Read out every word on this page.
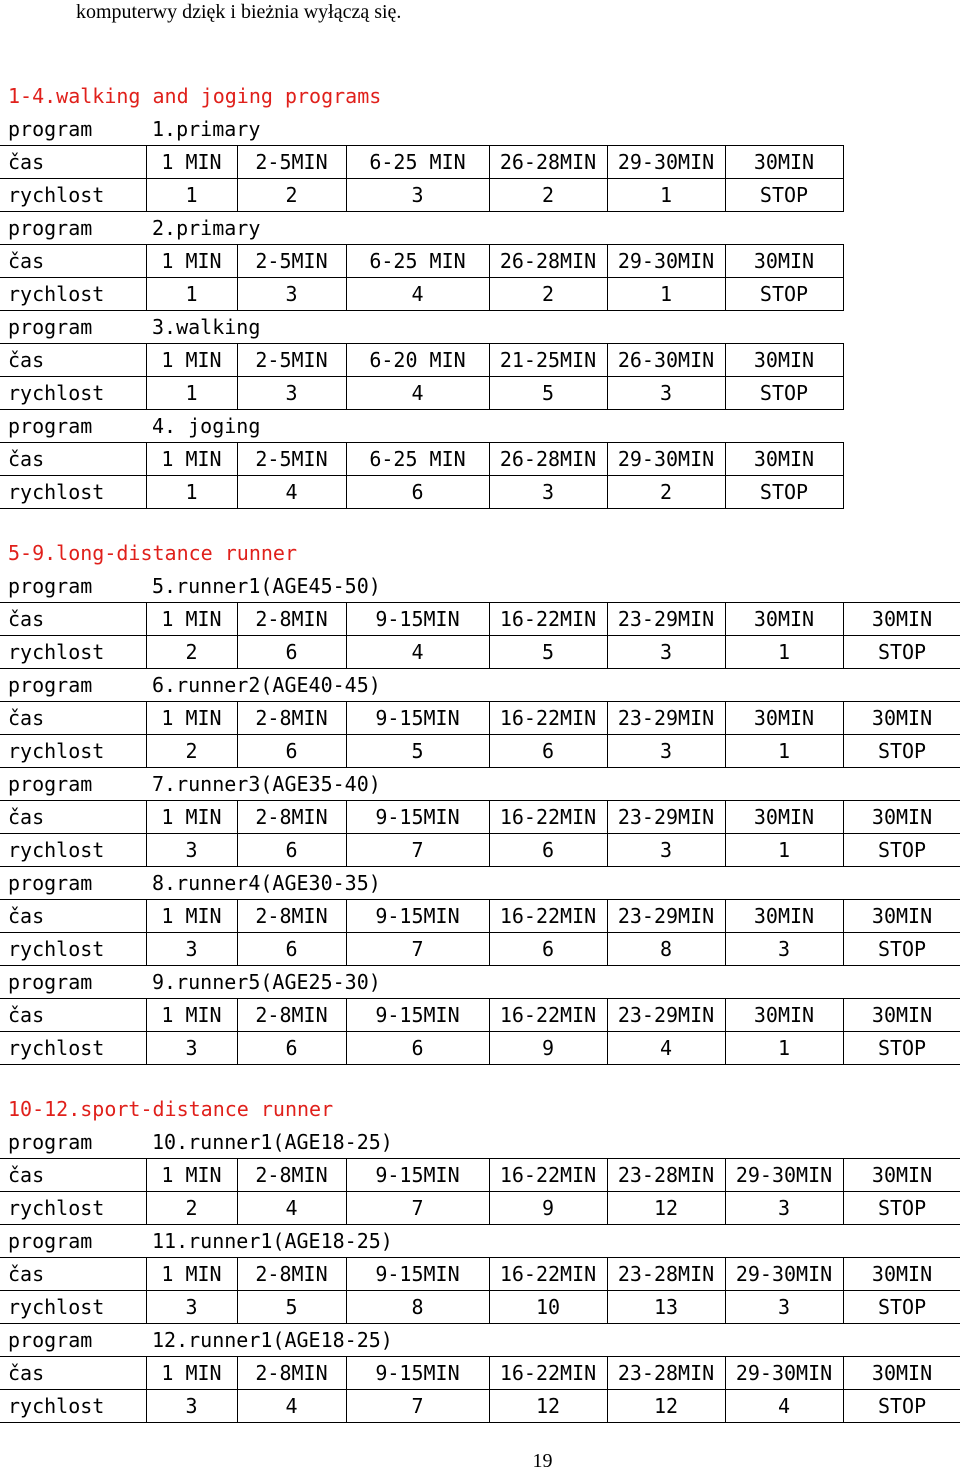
komputerwy dzięk i bieżnia wyłączą się.
1-4.walking and joging programs
program	1.primary					
čas	1 MIN	2-5MIN	6-25 MIN	26-28MIN	29-30MIN	30MIN
rychlost	1	2	3	2	1	STOP
program	2.primary					
čas	1 MIN	2-5MIN	6-25 MIN	26-28MIN	29-30MIN	30MIN
rychlost	1	3	4	2	1	STOP
program	3.walking					
čas	1 MIN	2-5MIN	6-20 MIN	21-25MIN	26-30MIN	30MIN
rychlost	1	3	4	5	3	STOP
program	4. joging					
čas	1 MIN	2-5MIN	6-25 MIN	26-28MIN	29-30MIN	30MIN
rychlost	1	4	6	3	2	STOP
5-9.long-distance runner
program	5.runner1(AGE45-50)						
čas	1 MIN	2-8MIN	9-15MIN	16-22MIN	23-29MIN	30MIN	30MIN
rychlost	2	6	4	5	3	1	STOP
program	6.runner2(AGE40-45)						
čas	1 MIN	2-8MIN	9-15MIN	16-22MIN	23-29MIN	30MIN	30MIN
rychlost	2	6	5	6	3	1	STOP
program	7.runner3(AGE35-40)						
čas	1 MIN	2-8MIN	9-15MIN	16-22MIN	23-29MIN	30MIN	30MIN
rychlost	3	6	7	6	3	1	STOP
program	8.runner4(AGE30-35)						
čas	1 MIN	2-8MIN	9-15MIN	16-22MIN	23-29MIN	30MIN	30MIN
rychlost	3	6	7	6	8	3	STOP
program	9.runner5(AGE25-30)						
čas	1 MIN	2-8MIN	9-15MIN	16-22MIN	23-29MIN	30MIN	30MIN
rychlost	3	6	6	9	4	1	STOP
10-12.sport-distance runner
program	10.runner1(AGE18-25)						
čas	1 MIN	2-8MIN	9-15MIN	16-22MIN	23-28MIN	29-30MIN	30MIN
rychlost	2	4	7	9	12	3	STOP
program	11.runner1(AGE18-25)						
čas	1 MIN	2-8MIN	9-15MIN	16-22MIN	23-28MIN	29-30MIN	30MIN
rychlost	3	5	8	10	13	3	STOP
program	12.runner1(AGE18-25)						
čas	1 MIN	2-8MIN	9-15MIN	16-22MIN	23-28MIN	29-30MIN	30MIN
rychlost	3	4	7	12	12	4	STOP
19
